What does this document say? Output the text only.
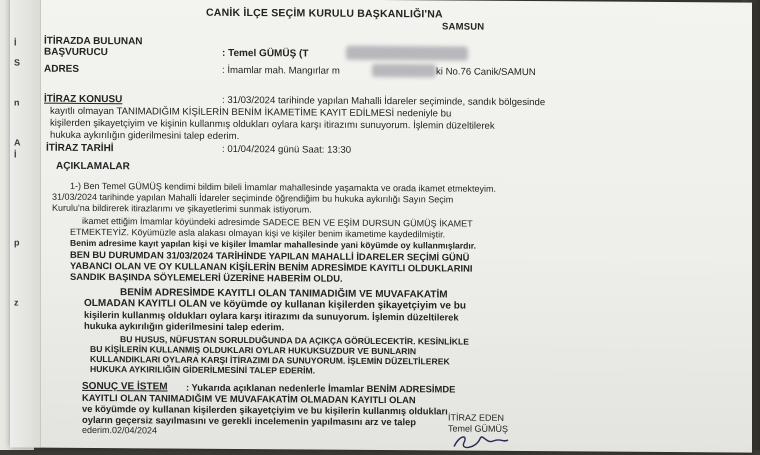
İ
S
n
A
İ
p
z
CANİK İLÇE SEÇİM KURULU BAŞKANLIĞI'NA
SAMSUN
İTİRAZDA BULUNAN
BAŞVURUCU	: Temel GÜMÜŞ (T
ADRES	: İmamlar mah. Mangırlar m	ki No.76 Canik/SAMUN
İTİRAZ KONUSU	: 31/03/2024 tarihinde yapılan Mahalli İdareler seçiminde, sandık bölgesinde
kayıtlı olmayan TANIMADIĞIM KİŞİLERİN BENİM İKAMETİME KAYIT EDİLMESİ nedeniyle bu
kişilerden şikayetçiyim ve kişinin kullanmış oldukları oylara karşı itirazımı sunuyorum. İşlemin düzeltilerek
hukuka aykırılığın giderilmesini talep ederim.
İTİRAZ TARİHİ	: 01/04/2024 günü Saat: 13:30
AÇIKLAMALAR
1-) Ben Temel GÜMÜŞ kendimi bildim bileli İmamlar mahallesinde yaşamakta ve orada ikamet etmekteyim.
31/03/2024 tarihinde yapılan Mahalli İdareler seçiminde öğrendiğim bu hukuka aykırılığı Sayın Seçim
Kurulu'na bildirerek itirazlarımı ve şikayetlerimi sunmak istiyorum.
ikamet ettiğim İmamlar köyündeki adresimde SADECE BEN VE EŞİM DURSUN GÜMÜŞ İKAMET
ETMEKTEYİZ. Köyümüzle asla alakası olmayan kişi ve kişiler benim ikametime kaydedilmiştir.
Benim adresime kayıt yapılan kişi ve kişiler İmamlar mahallesinde yani köyümde oy kullanmışlardır.
BEN BU DURUMDAN 31/03/2024 TARİHİNDE YAPILAN MAHALLİ İDARELER SEÇİMİ GÜNÜ
YABANCI OLAN VE OY KULLANAN KİŞİLERİN BENİM ADRESİMDE KAYITLI OLDUKLARINI
SANDIK BAŞINDA SÖYLEMELERİ ÜZERİNE HABERİM OLDU.
BENİM ADRESİMDE KAYITLI OLAN TANIMADIĞIM VE MUVAFAKATİM
OLMADAN KAYITLI OLAN ve köyümde oy kullanan kişilerden şikayetçiyim ve bu
kişilerin kullanmış oldukları oylara karşı itirazımı da sunuyorum. İşlemin düzeltilerek
hukuka aykırılığın giderilmesini talep ederim.
BU HUSUS, NÜFUSTAN SORULDUĞUNDA DA AÇIKÇA GÖRÜLECEKTİR. KESİNLİKLE
BU KİŞİLERİN KULLANMIŞ OLDUKLARI OYLAR HUKUKSUZDUR VE BUNLARIN
KULLANDIKLARI OYLARA KARŞI İTİRAZIMI DA SUNUYORUM. İŞLEMİN DÜZELTİLEREK
HUKUKA AYKIRILIĞIN GİDERİLMESİNİ TALEP EDERİM.
SONUÇ VE İSTEM : Yukarıda açıklanan nedenlerle İmamlar BENİM ADRESİMDE
KAYITLI OLAN TANIMADIĞIM VE MUVAFAKATİM OLMADAN KAYITLI OLAN
ve köyümde oy kullanan kişilerden şikayetçiyim ve bu kişilerin kullanmış oldukları
oyların geçersiz sayılmasını ve gerekli incelemenin yapılmasını arz ve talep
ederim.02/04/2024
İTİRAZ EDEN
Temel GÜMÜŞ
